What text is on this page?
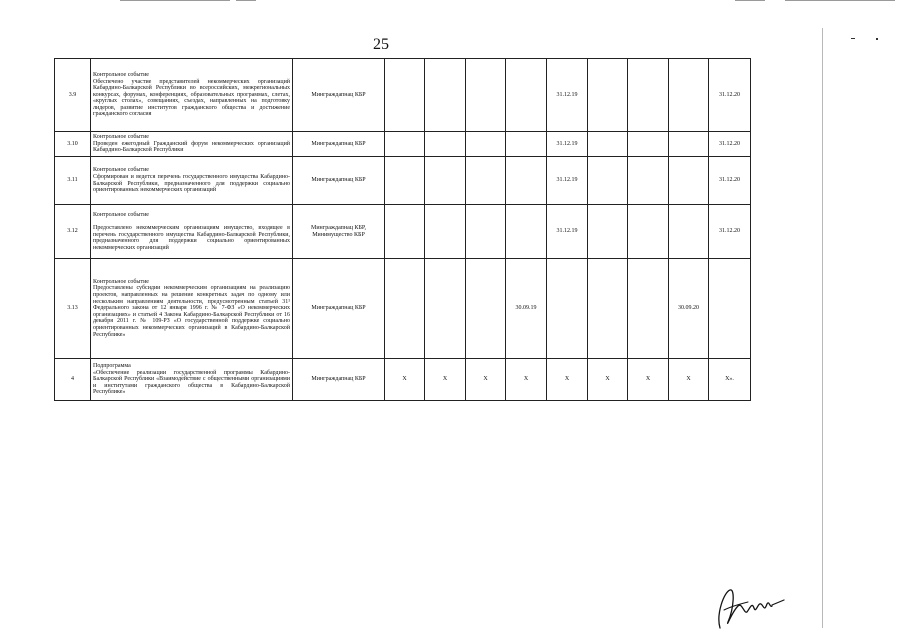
25
3.9	Контрольное событие
Обеспечено участие представителей некоммерческих организаций Кабардино-Балкарской Республики во всероссийских, межрегиональных конкурсах, форумах, конференциях, образовательных программах, слетах, «круглых столах», совещаниях, съездах, направленных на подготовку лидеров, развитие институтов гражданского общества и достижение гражданского согласия	Минграждапнац КБР					31.12.19				31.12.20
3.10	Контрольное событие
Проведен ежегодный Гражданский форум некоммерческих организаций Кабардино-Балкарской Республики	Минграждапнац КБР					31.12.19				31.12.20
3.11	Контрольное событие
Сформирован и ведется перечень государственного имущества Кабардино-Балкарской Республики, предназначенного для поддержки социально ориентированных некоммерческих организаций	Минграждапнац КБР					31.12.19				31.12.20
3.12	Контрольное событие

Предоставлено некоммерческим организациям имущество, входящее в перечень государственного имущества Кабардино-Балкарской Республики, предназначенного для поддержки социально ориентированных некоммерческих организаций	Минграждапнац КБР, Минимущество КБР					31.12.19				31.12.20
3.13	Контрольное событие
Предоставлены субсидии некоммерческим организациям на реализацию проектов, направленных на решение конкретных задач по одному или нескольким направлениям деятельности, предусмотренным статьей 31¹ Федерального закона от 12 января 1996 г. № 7-ФЗ «О некоммерческих организациях» и статьей 4 Закона Кабардино-Балкарской Республики от 16 декабря 2011 г. № 109-РЗ «О государственной поддержке социально ориентированных некоммерческих организаций в Кабардино-Балкарской Республике»	Минграждапнац КБР				30.09.19				30.09.20	
4	Подпрограмма
«Обеспечение реализации государственной программы Кабардино-Балкарской Республики «Взаимодействие с общественными организациями и институтами гражданского общества в Кабардино-Балкарской Республике»	Минграждапнац КБР	X	X	X	X	X	X	X	X	X».
